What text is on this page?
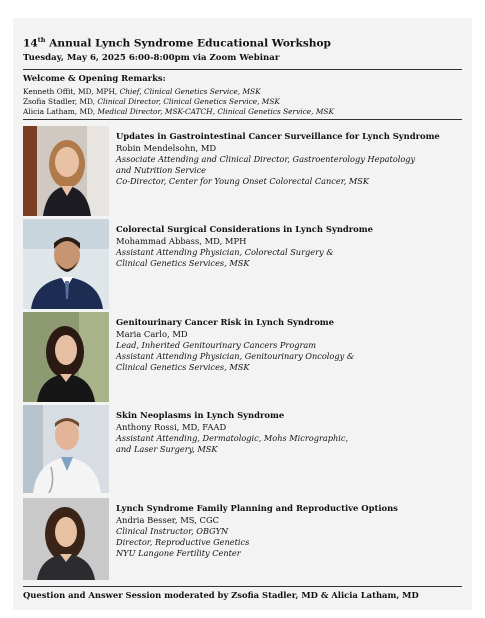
14th Annual Lynch Syndrome Educational Workshop
Tuesday, May 6, 2025 6:00-8:00pm via Zoom Webinar
Welcome & Opening Remarks:
Kenneth Offit, MD, MPH, Chief, Clinical Genetics Service, MSK
Zsofia Stadler, MD, Clinical Director, Clinical Genetics Service, MSK
Alicia Latham, MD, Medical Director, MSK-CATCH, Clinical Genetics Service, MSK
Updates in Gastrointestinal Cancer Surveillance for Lynch Syndrome
Robin Mendelsohn, MD
Associate Attending and Clinical Director, Gastroenterology Hepatology
and Nutrition Service
Co-Director, Center for Young Onset Colorectal Cancer, MSK
Colorectal Surgical Considerations in Lynch Syndrome
Mohammad Abbass, MD, MPH
Assistant Attending Physician, Colorectal Surgery &
Clinical Genetics Services, MSK
Genitourinary Cancer Risk in Lynch Syndrome
Maria Carlo, MD
Lead, Inherited Genitourinary Cancers Program
Assistant Attending Physician, Genitourinary Oncology &
Clinical Genetics Services, MSK
Skin Neoplasms in Lynch Syndrome
Anthony Rossi, MD, FAAD
Assistant Attending, Dermatologic, Mohs Micrographic,
and Laser Surgery, MSK
Lynch Syndrome Family Planning and Reproductive Options
Andria Besser, MS, CGC
Clinical Instructor, OBGYN
Director, Reproductive Genetics
NYU Langone Fertility Center
Question and Answer Session moderated by Zsofia Stadler, MD & Alicia Latham, MD
